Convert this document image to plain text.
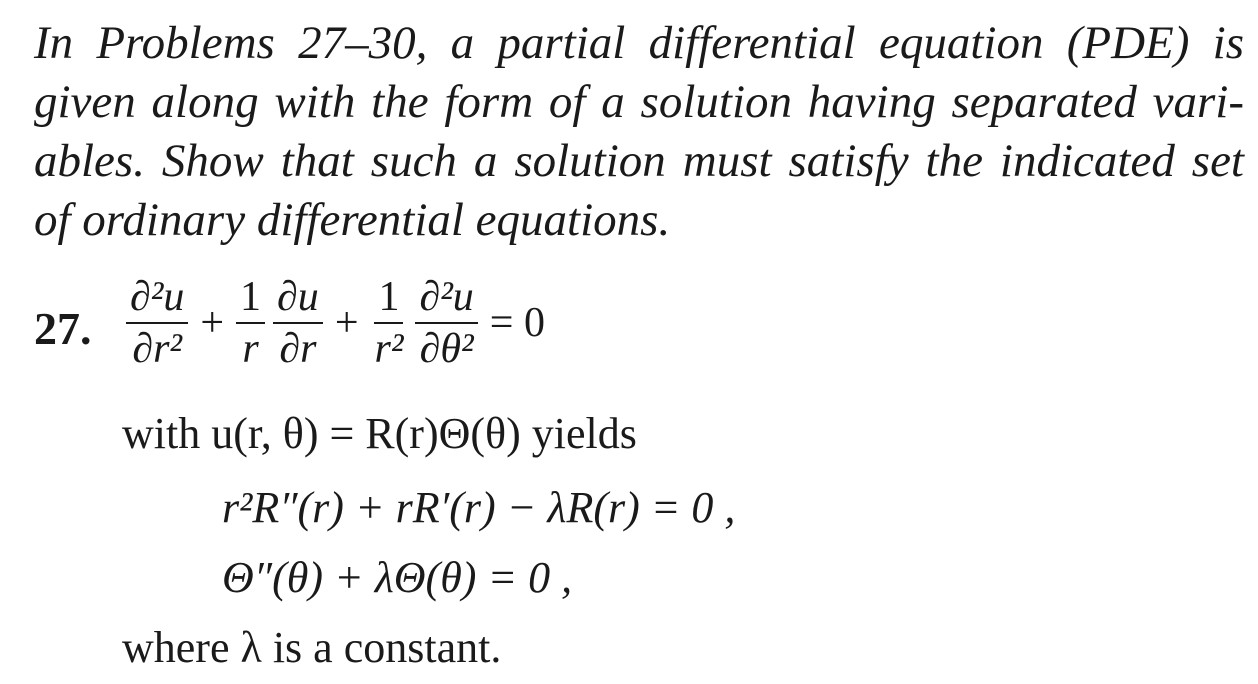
In Problems 27–30, a partial differential equation (PDE) is
given along with the form of a solution having separated vari-
ables. Show that such a solution must satisfy the indicated set
of ordinary differential equations.
27. $\frac{\text{∂²u}}{\text{∂r²}} + \frac{1}{r} \frac{\partial u}{\partial r} + \frac{1}{\text{r²}} \frac{\text{∂²u}}{\text{∂θ²}} = 0$
with u(r, θ) = R(r)Θ(θ) yields
r²R″(r) + rR′(r) − λR(r) = 0 ,
Θ″(θ) + λΘ(θ) = 0 ,
where λ is a constant.
